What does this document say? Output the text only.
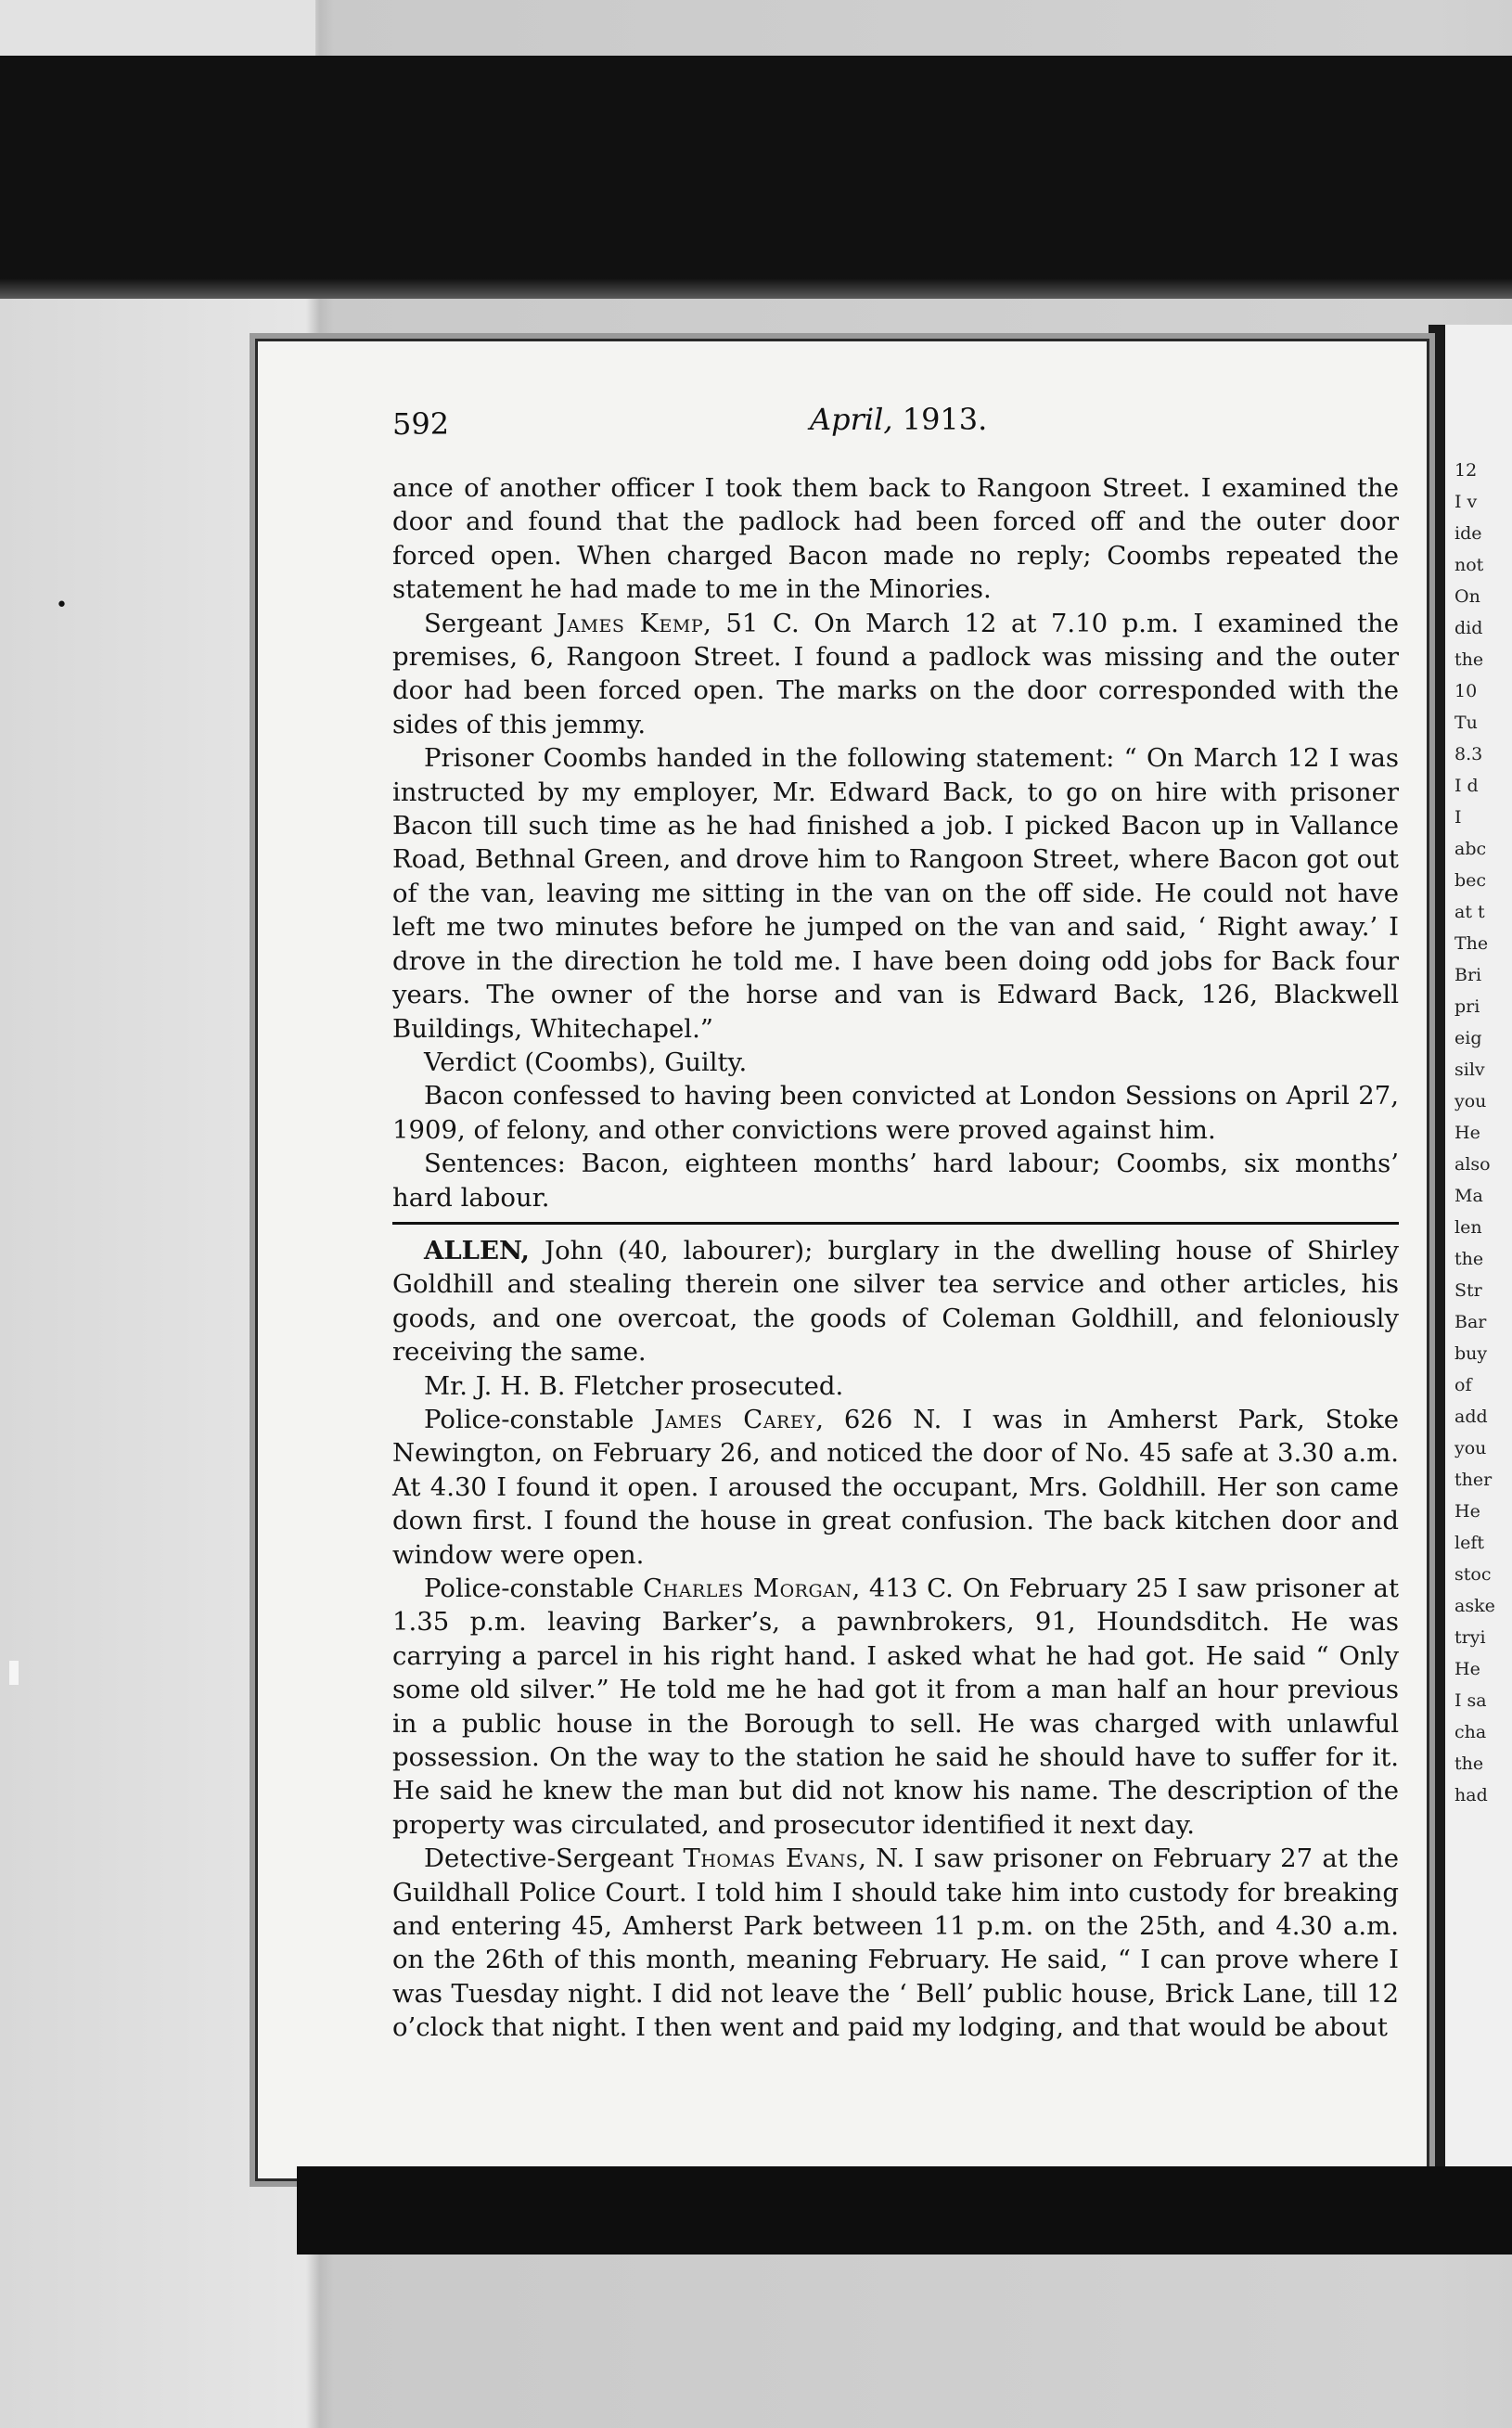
•
12
I v
ide
not
On
did
the
10
Tu
8.3
I d
I
abc
bec
at t
The
Bri
pri
eig
silv
you
He
also
Ma
len
the
Str
Bar
buy
of
add
you
ther
He
left
stoc
aske
tryi
He
I sa
cha
the
had
592	April, 1913.

ance of another officer I took them back to Rangoon Street. I examined the door and found that the padlock had been forced off and the outer door forced open. When charged Bacon made no reply; Coombs repeated the statement he had made to me in the Minories.

Sergeant James Kemp, 51 C. On March 12 at 7.10 p.m. I examined the premises, 6, Rangoon Street. I found a padlock was missing and the outer door had been forced open. The marks on the door corresponded with the sides of this jemmy.

Prisoner Coombs handed in the following statement: “ On March 12 I was instructed by my employer, Mr. Edward Back, to go on hire with prisoner Bacon till such time as he had finished a job. I picked Bacon up in Vallance Road, Bethnal Green, and drove him to Rangoon Street, where Bacon got out of the van, leaving me sitting in the van on the off side. He could not have left me two minutes before he jumped on the van and said, ‘ Right away.’ I drove in the direction he told me. I have been doing odd jobs for Back four years. The owner of the horse and van is Edward Back, 126, Blackwell Buildings, Whitechapel.”

Verdict (Coombs), Guilty.

Bacon confessed to having been convicted at London Sessions on April 27, 1909, of felony, and other convictions were proved against him.

Sentences: Bacon, eighteen months’ hard labour; Coombs, six months’ hard labour.

ALLEN, John (40, labourer); burglary in the dwelling house of Shirley Goldhill and stealing therein one silver tea service and other articles, his goods, and one overcoat, the goods of Coleman Goldhill, and feloniously receiving the same.

Mr. J. H. B. Fletcher prosecuted.

Police-constable James Carey, 626 N. I was in Amherst Park, Stoke Newington, on February 26, and noticed the door of No. 45 safe at 3.30 a.m. At 4.30 I found it open. I aroused the occupant, Mrs. Goldhill. Her son came down first. I found the house in great confusion. The back kitchen door and window were open.

Police-constable Charles Morgan, 413 C. On February 25 I saw prisoner at 1.35 p.m. leaving Barker’s, a pawnbrokers, 91, Houndsditch. He was carrying a parcel in his right hand. I asked what he had got. He said “ Only some old silver.” He told me he had got it from a man half an hour previous in a public house in the Borough to sell. He was charged with unlawful possession. On the way to the station he said he should have to suffer for it. He said he knew the man but did not know his name. The description of the property was circulated, and prosecutor identified it next day.

Detective-Sergeant Thomas Evans, N. I saw prisoner on February 27 at the Guildhall Police Court. I told him I should take him into custody for breaking and entering 45, Amherst Park between 11 p.m. on the 25th, and 4.30 a.m. on the 26th of this month, meaning February. He said, “ I can prove where I was Tuesday night. I did not leave the ‘ Bell’ public house, Brick Lane, till 12 o’clock that night. I then went and paid my lodging, and that would be about
